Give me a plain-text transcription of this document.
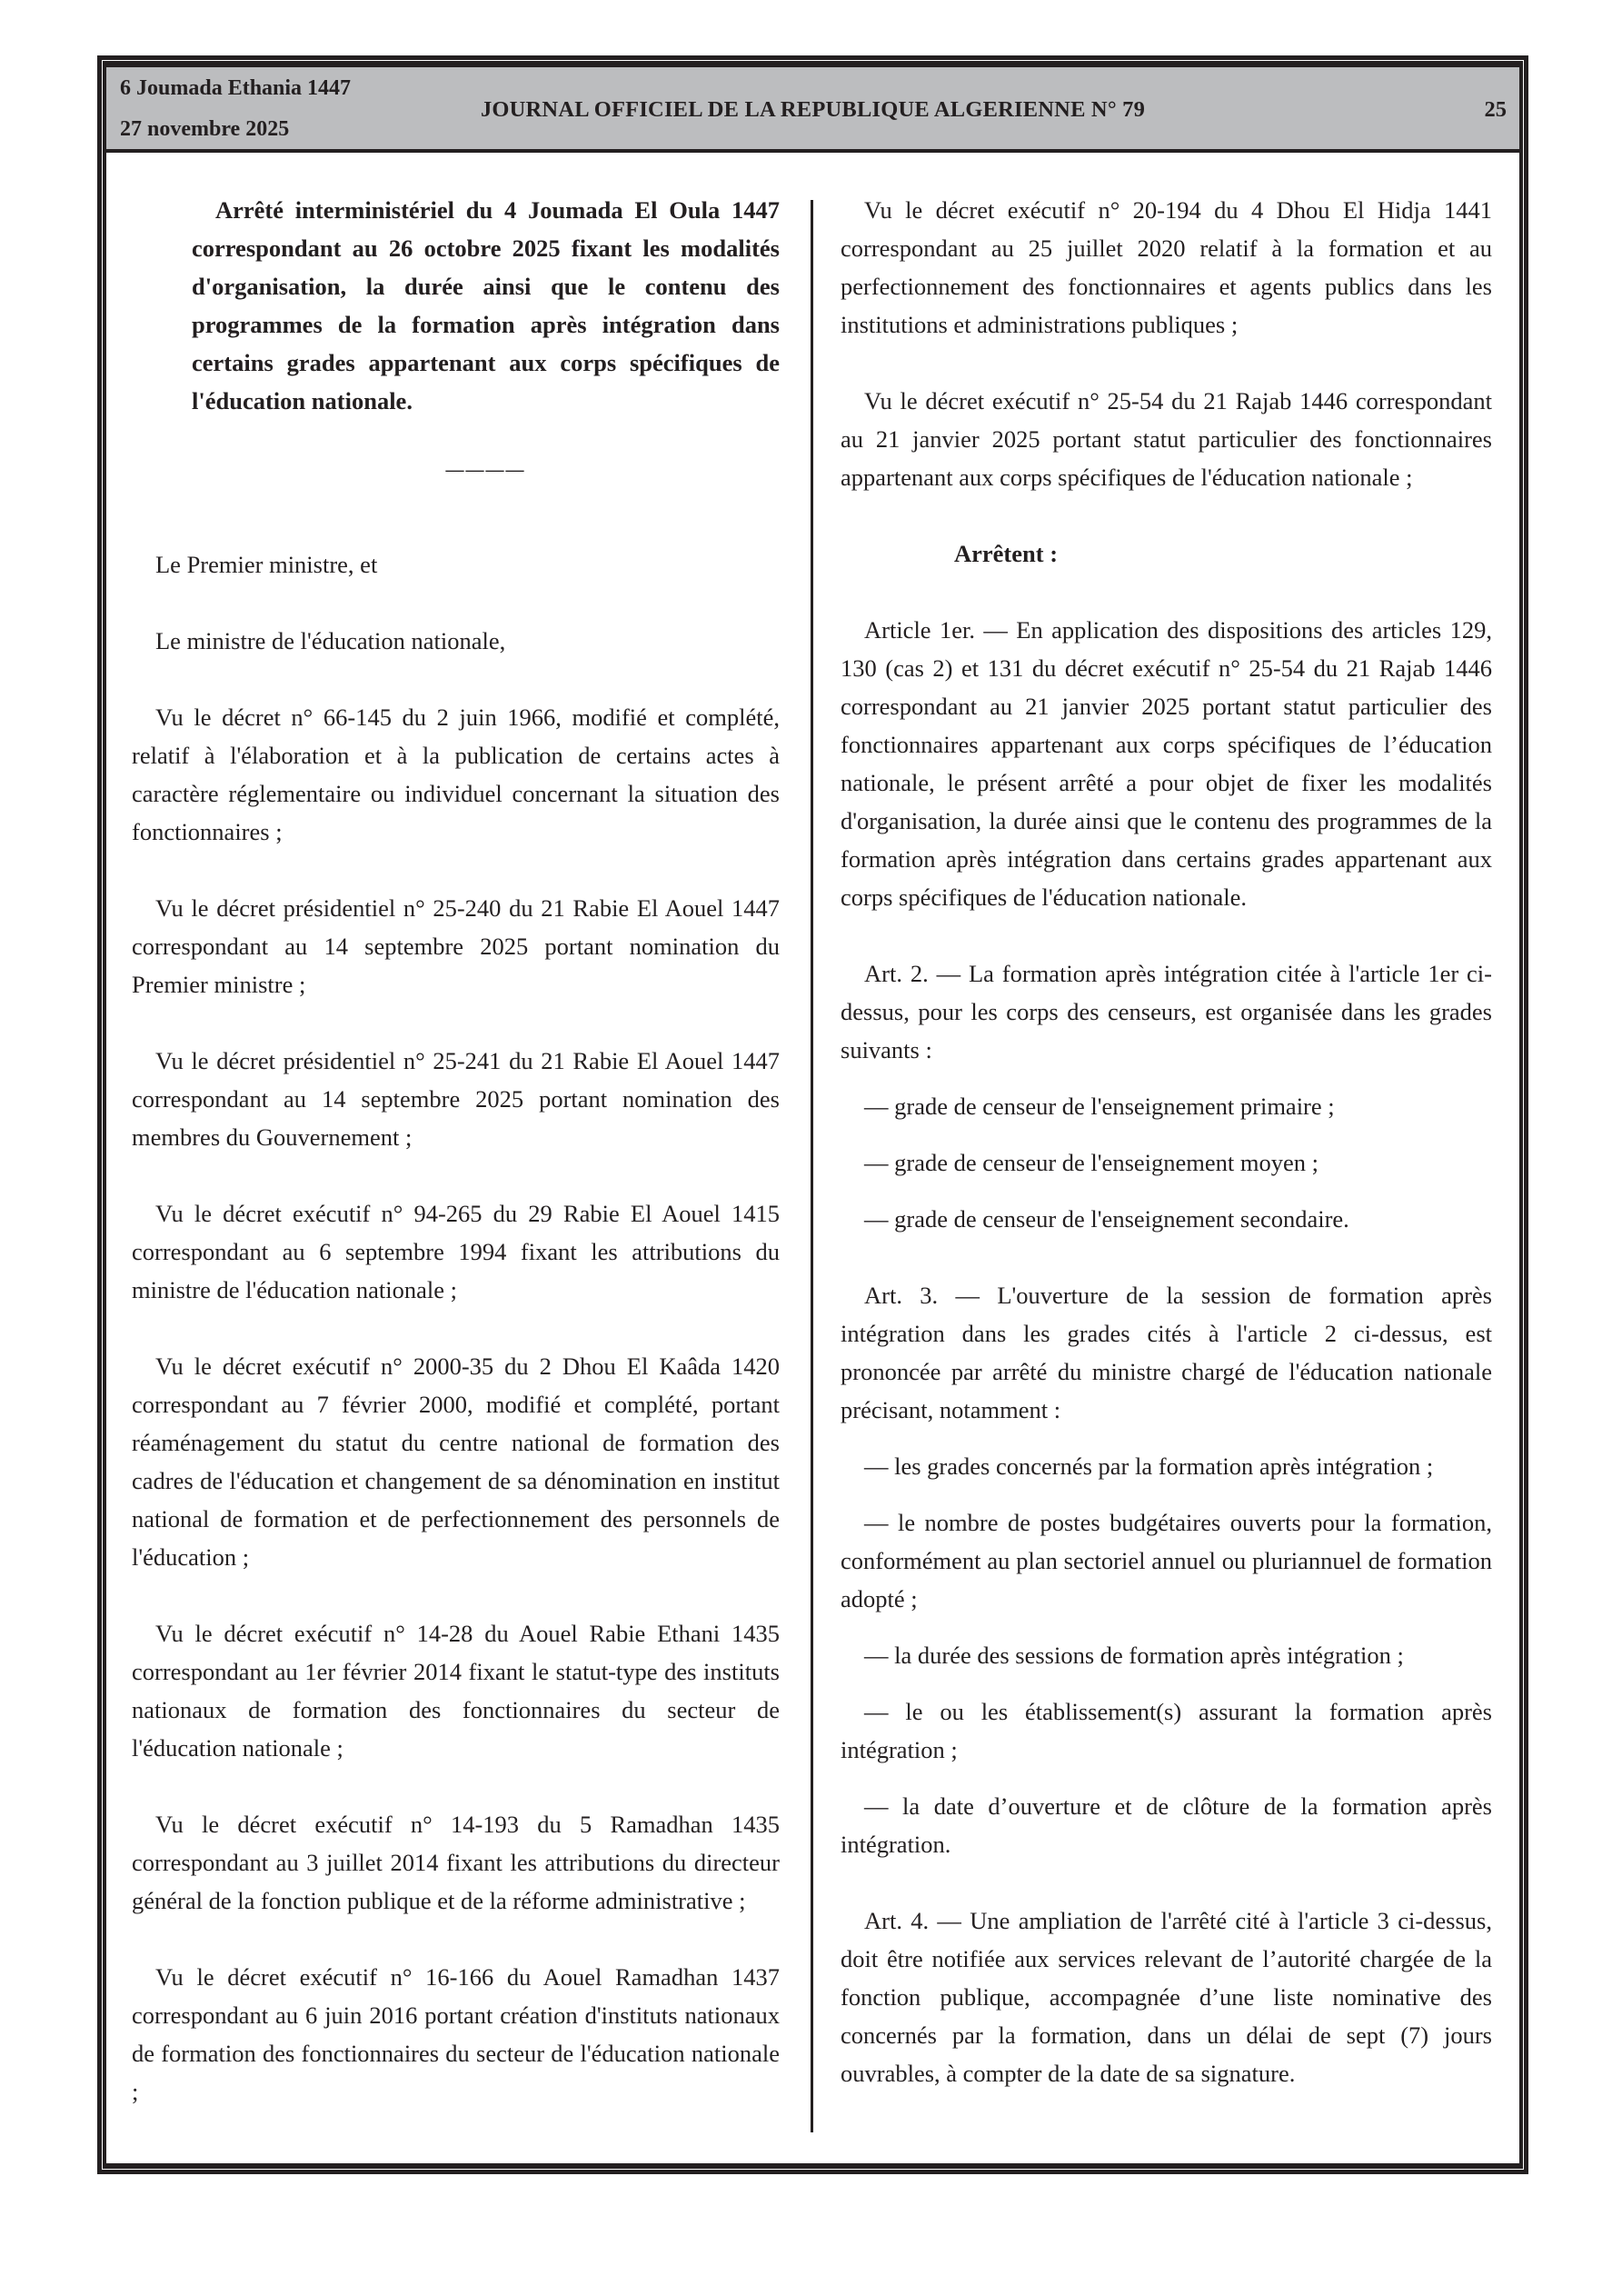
6 Joumada Ethania 1447
27 novembre 2025
JOURNAL OFFICIEL DE LA REPUBLIQUE ALGERIENNE N° 79	25

Arrêté interministériel du 4 Joumada El Oula 1447 correspondant au 26 octobre 2025 fixant les modalités d'organisation, la durée ainsi que le contenu des programmes de la formation après intégration dans certains grades appartenant aux corps spécifiques de l'éducation nationale.

————

Le Premier ministre, et

Le ministre de l'éducation nationale,

Vu le décret n° 66-145 du 2 juin 1966, modifié et complété, relatif à l'élaboration et à la publication de certains actes à caractère réglementaire ou individuel concernant la situation des fonctionnaires ;

Vu le décret présidentiel n° 25-240 du 21 Rabie El Aouel 1447 correspondant au 14 septembre 2025 portant nomination du Premier ministre ;

Vu le décret présidentiel n° 25-241 du 21 Rabie El Aouel 1447 correspondant au 14 septembre 2025 portant nomination des membres du Gouvernement ;

Vu le décret exécutif n° 94-265 du 29 Rabie El Aouel 1415 correspondant au 6 septembre 1994 fixant les attributions du ministre de l'éducation nationale ;

Vu le décret exécutif n° 2000-35 du 2 Dhou El Kaâda 1420 correspondant au 7 février 2000, modifié et complété, portant réaménagement du statut du centre national de formation des cadres de l'éducation et changement de sa dénomination en institut national de formation et de perfectionnement des personnels de l'éducation ;

Vu le décret exécutif n° 14-28 du Aouel Rabie Ethani 1435 correspondant au 1er février 2014 fixant le statut-type des instituts nationaux de formation des fonctionnaires du secteur de l'éducation nationale ;

Vu le décret exécutif n° 14-193 du 5 Ramadhan 1435 correspondant au 3 juillet 2014 fixant les attributions du directeur général de la fonction publique et de la réforme administrative ;

Vu le décret exécutif n° 16-166 du Aouel Ramadhan 1437 correspondant au 6 juin 2016 portant création d'instituts nationaux de formation des fonctionnaires du secteur de l'éducation nationale ;

Vu le décret exécutif n° 20-194 du 4 Dhou El Hidja 1441 correspondant au 25 juillet 2020 relatif à la formation et au perfectionnement des fonctionnaires et agents publics dans les institutions et administrations publiques ;

Vu le décret exécutif n° 25-54 du 21 Rajab 1446 correspondant au 21 janvier 2025 portant statut particulier des fonctionnaires appartenant aux corps spécifiques de l'éducation nationale ;

Arrêtent :

Article 1er. — En application des dispositions des articles 129, 130 (cas 2) et 131 du décret exécutif n° 25-54 du 21 Rajab 1446 correspondant au 21 janvier 2025 portant statut particulier des fonctionnaires appartenant aux corps spécifiques de l’éducation nationale, le présent arrêté a pour objet de fixer les modalités d'organisation, la durée ainsi que le contenu des programmes de la formation après intégration dans certains grades appartenant aux corps spécifiques de l'éducation nationale.

Art. 2. — La formation après intégration citée à l'article 1er ci-dessus, pour les corps des censeurs, est organisée dans les grades suivants :

— grade de censeur de l'enseignement primaire ;

— grade de censeur de l'enseignement moyen ;

— grade de censeur de l'enseignement secondaire.

Art. 3. — L'ouverture de la session de formation après intégration dans les grades cités à l'article 2 ci-dessus, est prononcée par arrêté du ministre chargé de l'éducation nationale précisant, notamment :

— les grades concernés par la formation après intégration ;

— le nombre de postes budgétaires ouverts pour la formation, conformément au plan sectoriel annuel ou pluriannuel de formation adopté ;

— la durée des sessions de formation après intégration ;

— le ou les établissement(s) assurant la formation après intégration ;

— la date d’ouverture et de clôture de la formation après intégration.

Art. 4. — Une ampliation de l'arrêté cité à l'article 3 ci-dessus, doit être notifiée aux services relevant de l’autorité chargée de la fonction publique, accompagnée d’une liste nominative des concernés par la formation, dans un délai de sept (7) jours ouvrables, à compter de la date de sa signature.
